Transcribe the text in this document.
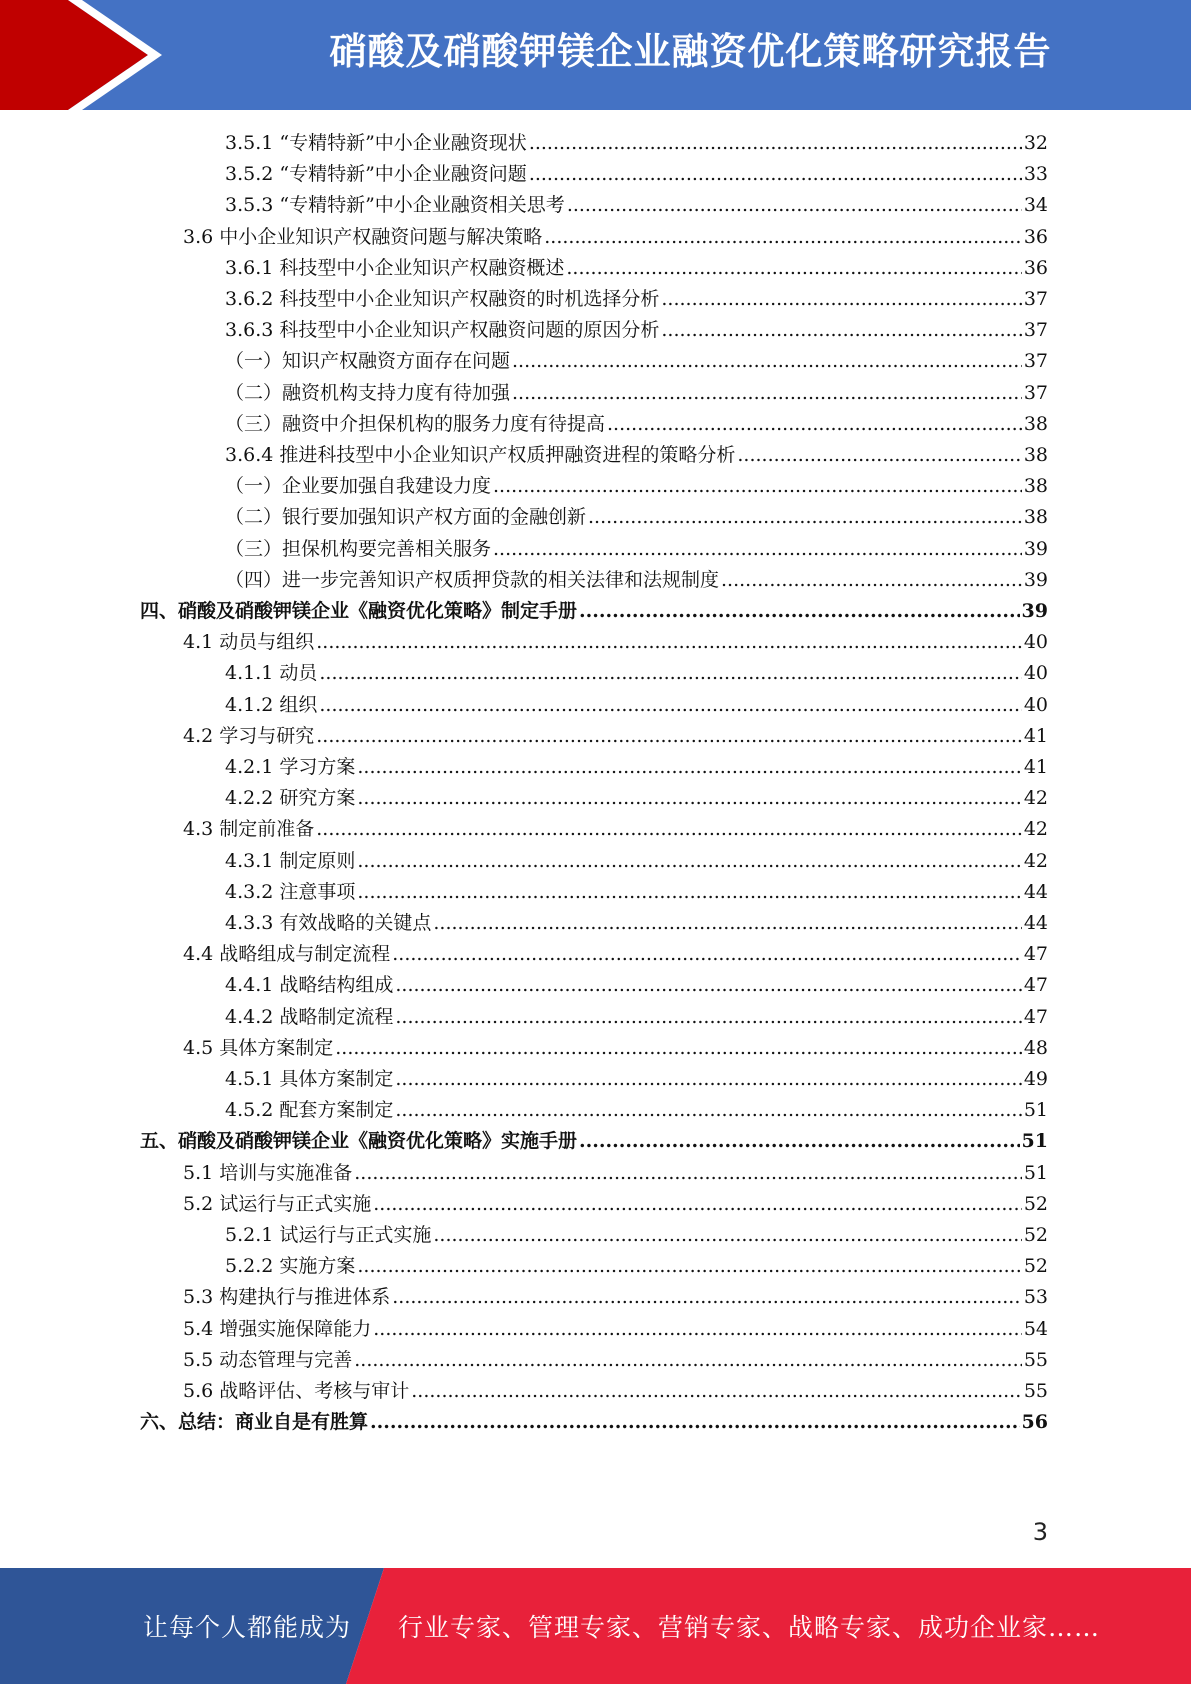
硝酸及硝酸钾镁企业融资优化策略研究报告
3.5.1 “专精特新”中小企业融资现状 .....	32
3.5.2 “专精特新”中小企业融资问题 .....	33
3.5.3 “专精特新”中小企业融资相关思考 .....	34
3.6 中小企业知识产权融资问题与解决策略 .....	36
3.6.1 科技型中小企业知识产权融资概述 .....	36
3.6.2 科技型中小企业知识产权融资的时机选择分析 .....	37
3.6.3 科技型中小企业知识产权融资问题的原因分析 .....	37
（一）知识产权融资方面存在问题 .....	37
（二）融资机构支持力度有待加强 .....	37
（三）融资中介担保机构的服务力度有待提高 .....	38
3.6.4 推进科技型中小企业知识产权质押融资进程的策略分析 .....	38
（一）企业要加强自我建设力度 .....	38
（二）银行要加强知识产权方面的金融创新 .....	38
（三）担保机构要完善相关服务 .....	39
（四）进一步完善知识产权质押贷款的相关法律和法规制度 .....	39
四、硝酸及硝酸钾镁企业《融资优化策略》制定手册 .....	39
4.1 动员与组织 .....	40
4.1.1 动员 .....	40
4.1.2 组织 .....	40
4.2 学习与研究 .....	41
4.2.1 学习方案 .....	41
4.2.2 研究方案 .....	42
4.3 制定前准备 .....	42
4.3.1 制定原则 .....	42
4.3.2 注意事项 .....	44
4.3.3 有效战略的关键点 .....	44
4.4 战略组成与制定流程 .....	47
4.4.1 战略结构组成 .....	47
4.4.2 战略制定流程 .....	47
4.5 具体方案制定 .....	48
4.5.1 具体方案制定 .....	49
4.5.2 配套方案制定 .....	51
五、硝酸及硝酸钾镁企业《融资优化策略》实施手册 .....	51
5.1 培训与实施准备 .....	51
5.2 试运行与正式实施 .....	52
5.2.1 试运行与正式实施 .....	52
5.2.2 实施方案 .....	52
5.3 构建执行与推进体系 .....	53
5.4 增强实施保障能力 .....	54
5.5 动态管理与完善 .....	55
5.6 战略评估、考核与审计 .....	55
六、总结：商业自是有胜算 .....	56
3
让每个人都能成为 行业专家、管理专家、营销专家、战略专家、成功企业家……
